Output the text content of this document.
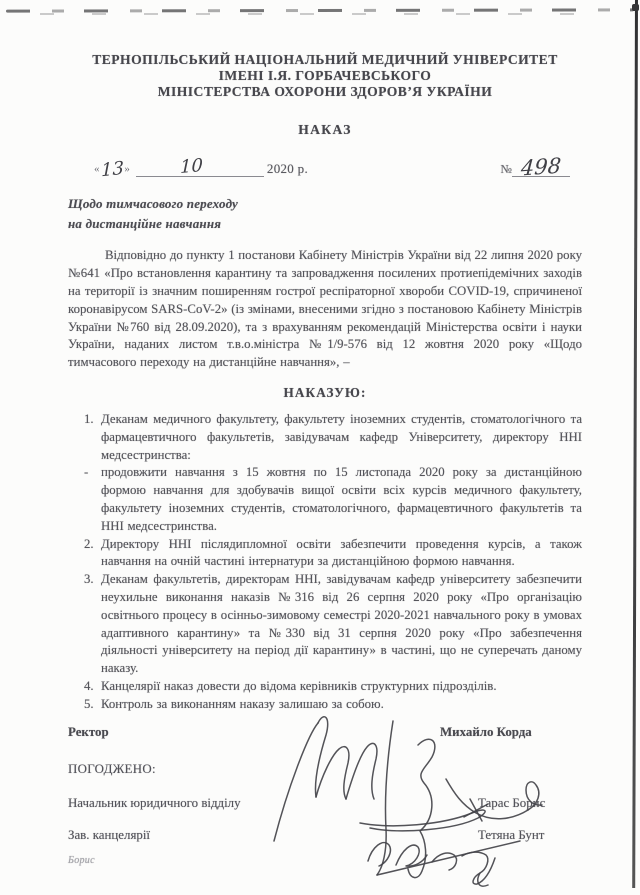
ТЕРНОПІЛЬСЬКИЙ НАЦІОНАЛЬНИЙ МЕДИЧНИЙ УНІВЕРСИТЕТ
ІМЕНІ І.Я. ГОРБАЧЕВСЬКОГО
МІНІСТЕРСТВА ОХОРОНИ ЗДОРОВ’Я УКРАЇНИ
НАКАЗ
« 13 »	10	2020 р.	№ 498
Щодо тимчасового переходу
на дистанційне навчання
Відповідно до пункту 1 постанови Кабінету Міністрів України від 22 липня 2020 року №641 «Про встановлення карантину та запровадження посилених протиепідемічних заходів на території із значним поширенням гострої респіраторної хвороби COVID-19, спричиненої коронавірусом SARS-CoV-2» (із змінами, внесеними згідно з постановою Кабінету Міністрів України №760 від 28.09.2020), та з врахуванням рекомендацій Міністерства освіти і науки України, наданих листом т.в.о.міністра №1/9-576 від 12 жовтня 2020 року «Щодо тимчасового переходу на дистанційне навчання», –
НАКАЗУЮ:
1. Деканам медичного факультету, факультету іноземних студентів, стоматологічного та фармацевтичного факультетів, завідувачам кафедр Університету, директору ННІ медсестринства:
- продовжити навчання з 15 жовтня по 15 листопада 2020 року за дистанційною формою навчання для здобувачів вищої освіти всіх курсів медичного факультету, факультету іноземних студентів, стоматологічного, фармацевтичного факультетів та ННІ медсестринства.
2. Директору ННІ післядипломної освіти забезпечити проведення курсів, а також навчання на очній частині інтернатури за дистанційною формою навчання.
3. Деканам факультетів, директорам ННІ, завідувачам кафедр університету забезпечити неухильне виконання наказів №316 від 26 серпня 2020 року «Про організацію освітнього процесу в осінньо-зимовому семестрі 2020-2021 навчального року в умовах адаптивного карантину» та №330 від 31 серпня 2020 року «Про забезпечення діяльності університету на період дії карантину» в частині, що не суперечать даному наказу.
4. Канцелярії наказ довести до відома керівників структурних підрозділів.
5. Контроль за виконанням наказу залишаю за собою.
Ректор	Михайло Корда
ПОГОДЖЕНО:
Начальник юридичного відділу	Тарас Борис
Зав. канцелярії	Тетяна Бунт
Борис
